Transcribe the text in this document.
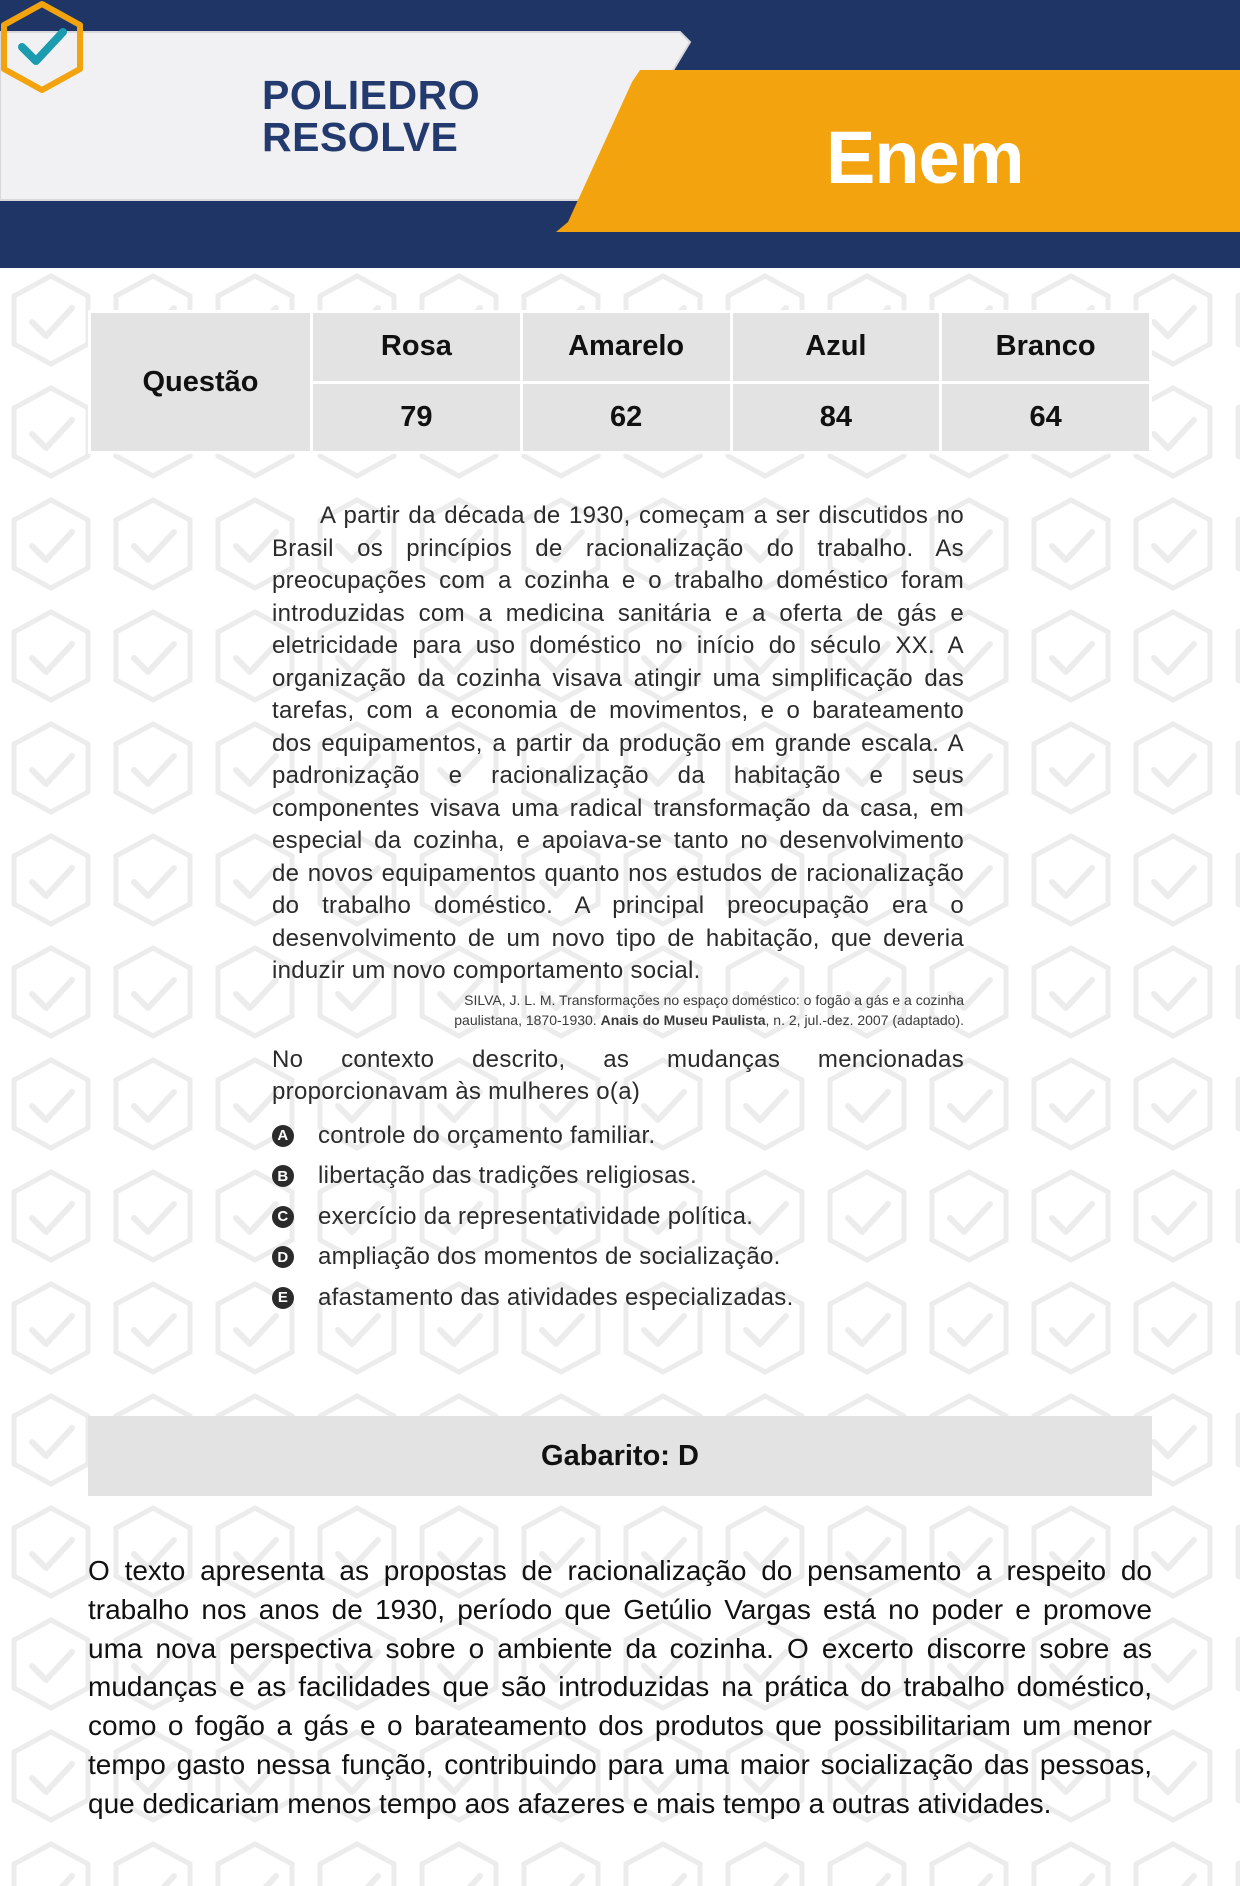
POLIEDRO
RESOLVE	Enem
Questão	Rosa	Amarelo	Azul	Branco
	79	62	84	64

A partir da década de 1930, começam a ser discutidos no Brasil os princípios de racionalização do trabalho. As preocupações com a cozinha e o trabalho doméstico foram introduzidas com a medicina sanitária e a oferta de gás e eletricidade para uso doméstico no início do século XX. A organização da cozinha visava atingir uma simplificação das tarefas, com a economia de movimentos, e o barateamento dos equipamentos, a partir da produção em grande escala. A padronização e racionalização da habitação e seus componentes visava uma radical transformação da casa, em especial da cozinha, e apoiava-se tanto no desenvolvimento de novos equipamentos quanto nos estudos de racionalização do trabalho doméstico. A principal preocupação era o desenvolvimento de um novo tipo de habitação, que deveria induzir um novo comportamento social.

SILVA, J. L. M. Transformações no espaço doméstico: o fogão a gás e a cozinha
paulistana, 1870-1930. Anais do Museu Paulista, n. 2, jul.-dez. 2007 (adaptado).

No contexto descrito, as mudanças mencionadas proporcionavam às mulheres o(a)

A controle do orçamento familiar.
B libertação das tradições religiosas.
C exercício da representatividade política.
D ampliação dos momentos de socialização.
E afastamento das atividades especializadas.
Gabarito: D

O texto apresenta as propostas de racionalização do pensamento a respeito do trabalho nos anos de 1930, período que Getúlio Vargas está no poder e promove uma nova perspectiva sobre o ambiente da cozinha. O excerto discorre sobre as mudanças e as facilidades que são introduzidas na prática do trabalho doméstico, como o fogão a gás e o barateamento dos produtos que possibilitariam um menor tempo gasto nessa função, contribuindo para uma maior socialização das pessoas, que dedicariam menos tempo aos afazeres e mais tempo a outras atividades.
